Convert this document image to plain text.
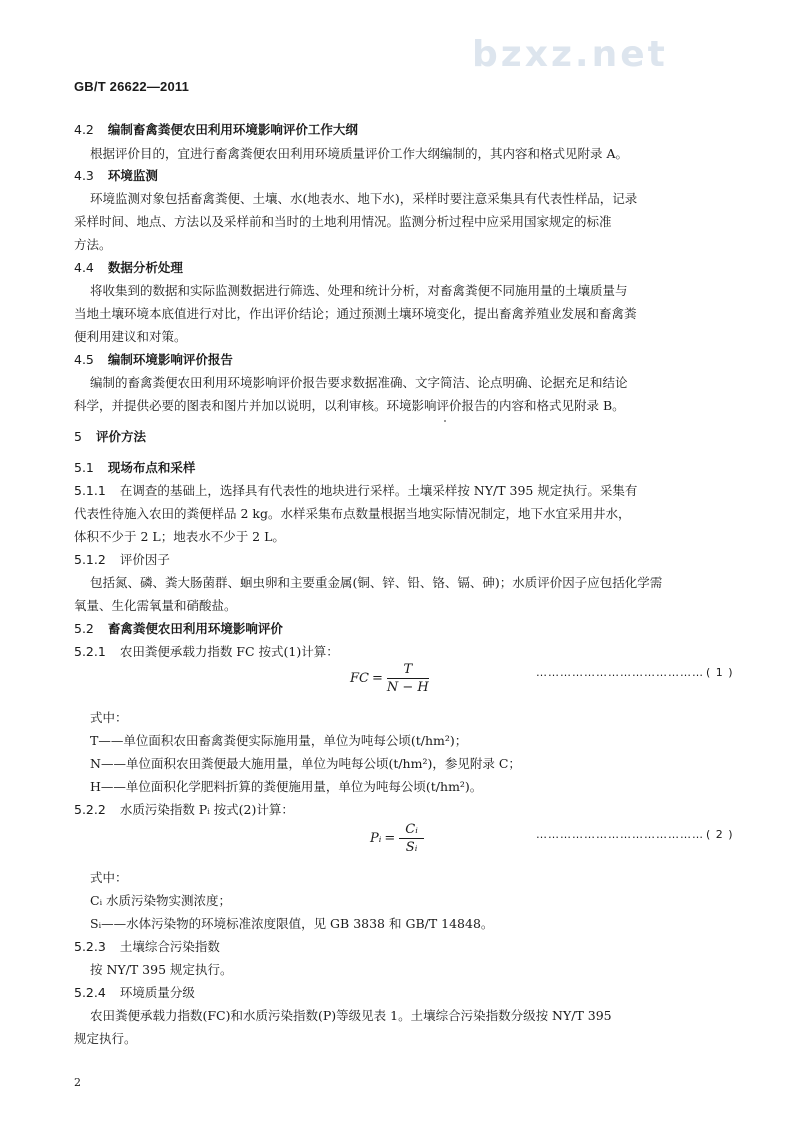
bzxz.net
GB/T 26622—2011
4.2 编制畜禽粪便农田利用环境影响评价工作大纲
根据评价目的，宜进行畜禽粪便农田利用环境质量评价工作大纲编制的，其内容和格式见附录 A。
4.3 环境监测
环境监测对象包括畜禽粪便、土壤、水(地表水、地下水)，采样时要注意采集具有代表性样品，记录
采样时间、地点、方法以及采样前和当时的土地利用情况。监测分析过程中应采用国家规定的标准
方法。
4.4 数据分析处理
将收集到的数据和实际监测数据进行筛选、处理和统计分析，对畜禽粪便不同施用量的土壤质量与
当地土壤环境本底值进行对比，作出评价结论；通过预测土壤环境变化，提出畜禽养殖业发展和畜禽粪
便利用建议和对策。
4.5 编制环境影响评价报告
编制的畜禽粪便农田利用环境影响评价报告要求数据准确、文字简洁、论点明确、论据充足和结论
科学，并提供必要的图表和图片并加以说明，以利审核。环境影响评价报告的内容和格式见附录 B。
5 评价方法
5.1 现场布点和采样
5.1.1 在调查的基础上，选择具有代表性的地块进行采样。土壤采样按 NY/T 395 规定执行。采集有
代表性待施入农田的粪便样品 2 kg。水样采集布点数量根据当地实际情况制定，地下水宜采用井水，
体积不少于 2 L；地表水不少于 2 L。
5.1.2 评价因子
包括氮、磷、粪大肠菌群、蛔虫卵和主要重金属(铜、锌、铅、铬、镉、砷)；水质评价因子应包括化学需
氧量、生化需氧量和硝酸盐。
5.2 畜禽粪便农田利用环境影响评价
5.2.1 农田粪便承载力指数 FC 按式(1)计算：
FC = $\frac{T}{N - H}$	…………………………………… ( 1 )
式中：
T——单位面积农田畜禽粪便实际施用量，单位为吨每公顷(t/hm²)；
N——单位面积农田粪便最大施用量，单位为吨每公顷(t/hm²)，参见附录 C；
H——单位面积化学肥料折算的粪便施用量，单位为吨每公顷(t/hm²)。
5.2.2 水质污染指数 Pᵢ 按式(2)计算：
Pᵢ = $\frac{\text{Cᵢ}}{\text{Sᵢ}}$	…………………………………… ( 2 )
式中：
Cᵢ 水质污染物实测浓度；
Sᵢ——水体污染物的环境标准浓度限值，见 GB 3838 和 GB/T 14848。
5.2.3 土壤综合污染指数
按 NY/T 395 规定执行。
5.2.4 环境质量分级
农田粪便承载力指数(FC)和水质污染指数(P)等级见表 1。土壤综合污染指数分级按 NY/T 395
规定执行。
2
